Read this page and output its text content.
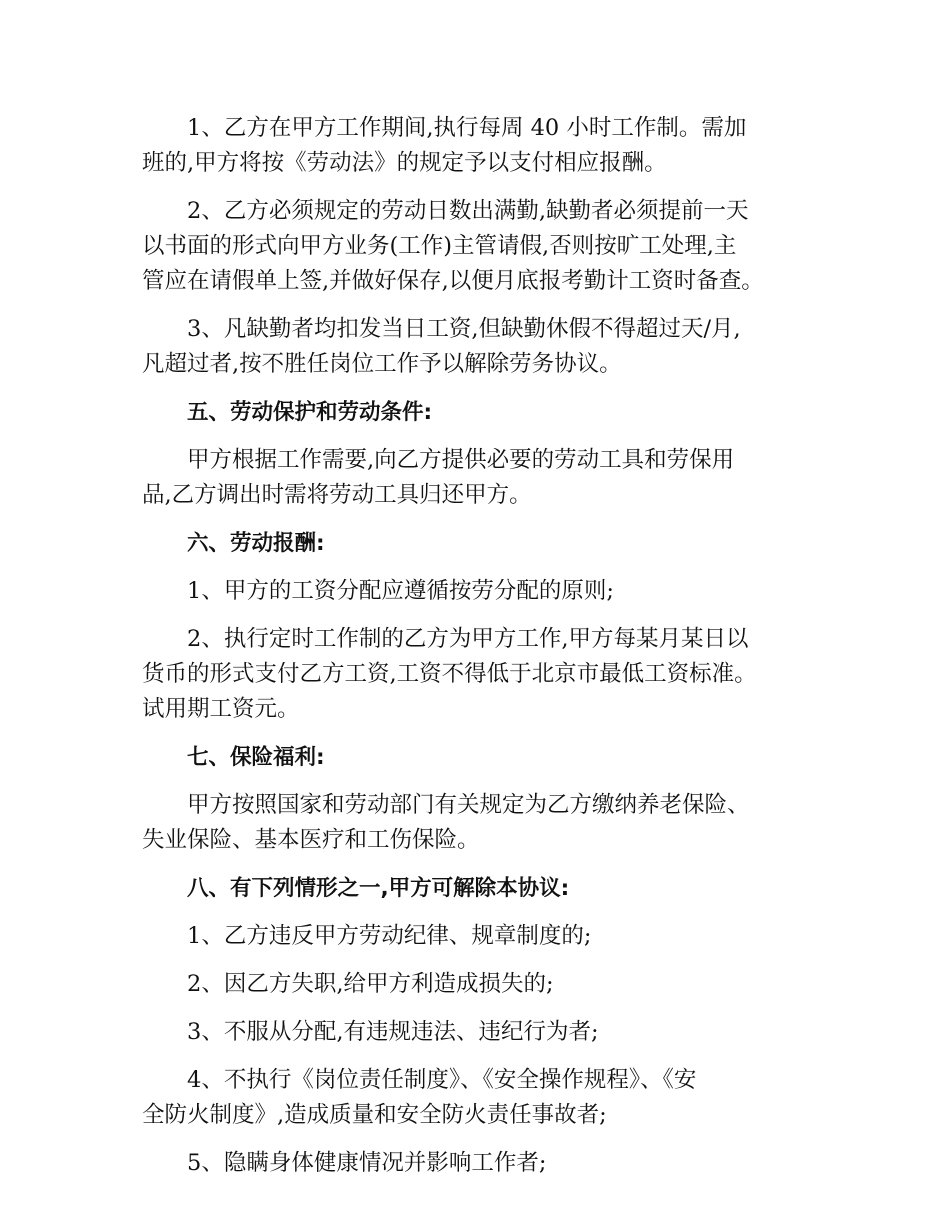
1、乙方在甲方工作期间,执行每周 40 小时工作制。需加
班的,甲方将按《劳动法》的规定予以支付相应报酬。
2、乙方必须规定的劳动日数出满勤,缺勤者必须提前一天
以书面的形式向甲方业务(工作)主管请假,否则按旷工处理,主
管应在请假单上签,并做好保存,以便月底报考勤计工资时备查。
3、凡缺勤者均扣发当日工资,但缺勤休假不得超过天/月,
凡超过者,按不胜任岗位工作予以解除劳务协议。
五、劳动保护和劳动条件:
甲方根据工作需要,向乙方提供必要的劳动工具和劳保用
品,乙方调出时需将劳动工具归还甲方。
六、劳动报酬:
1、甲方的工资分配应遵循按劳分配的原则;
2、执行定时工作制的乙方为甲方工作,甲方每某月某日以
货币的形式支付乙方工资,工资不得低于北京市最低工资标准。
试用期工资元。
七、保险福利:
甲方按照国家和劳动部门有关规定为乙方缴纳养老保险、
失业保险、基本医疗和工伤保险。
八、有下列情形之一,甲方可解除本协议:
1、乙方违反甲方劳动纪律、规章制度的;
2、因乙方失职,给甲方利造成损失的;
3、不服从分配,有违规违法、违纪行为者;
4、不执行《岗位责任制度》、《安全操作规程》、《安
全防火制度》,造成质量和安全防火责任事故者;
5、隐瞒身体健康情况并影响工作者;
